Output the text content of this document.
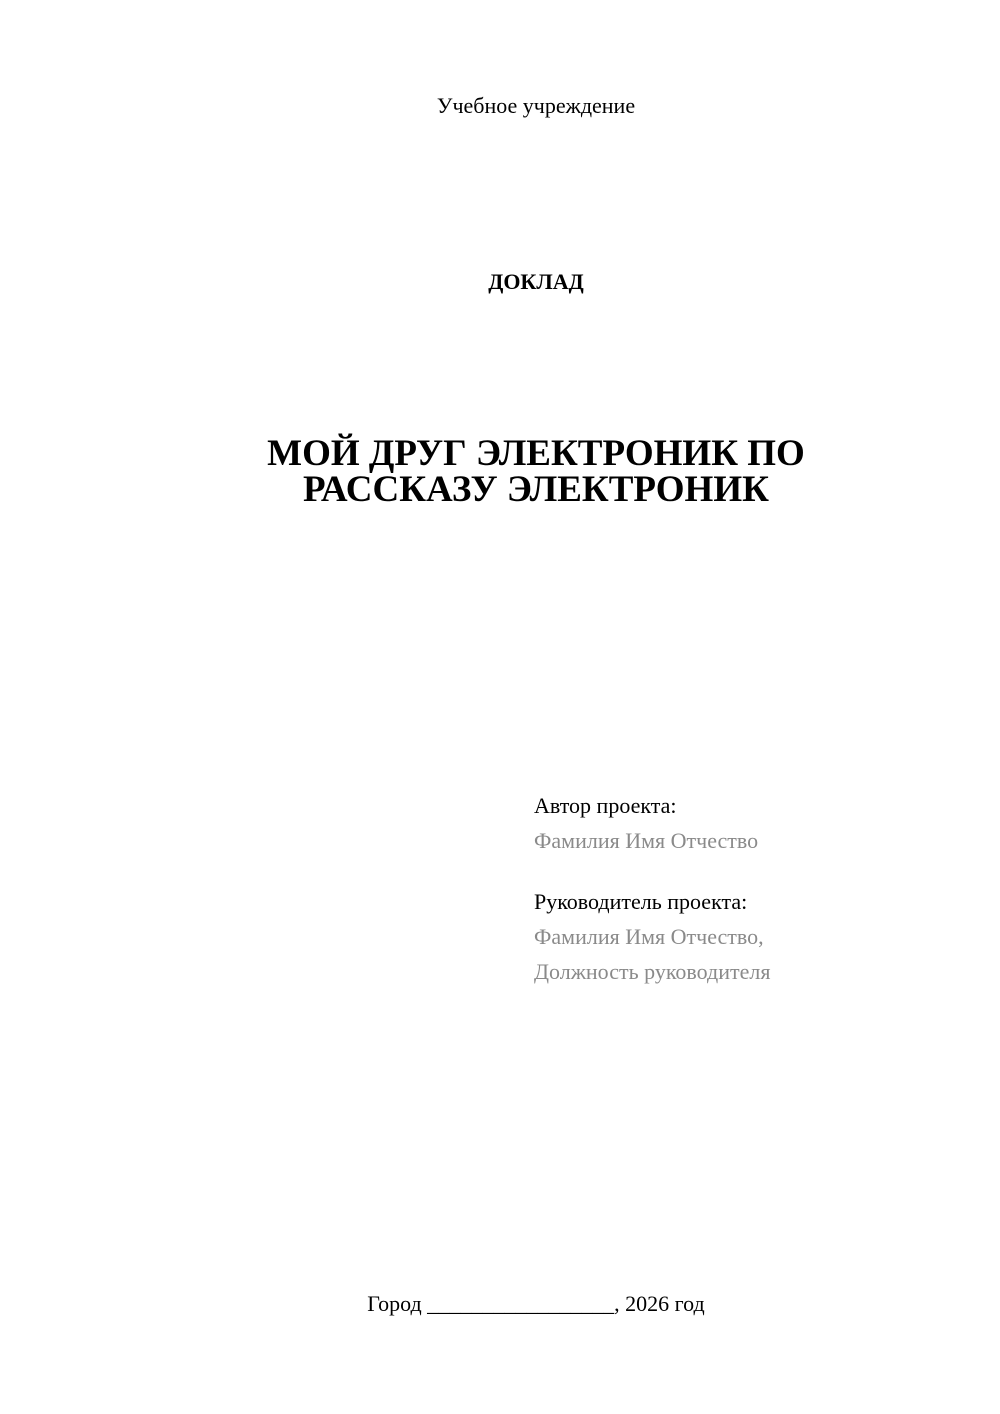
Учебное учреждение
ДОКЛАД
МОЙ ДРУГ ЭЛЕКТРОНИК ПО
РАССКАЗУ ЭЛЕКТРОНИК
Автор проекта:
Фамилия Имя Отчество
Руководитель проекта:
Фамилия Имя Отчество,
Должность руководителя
Город _________________, 2026 год
